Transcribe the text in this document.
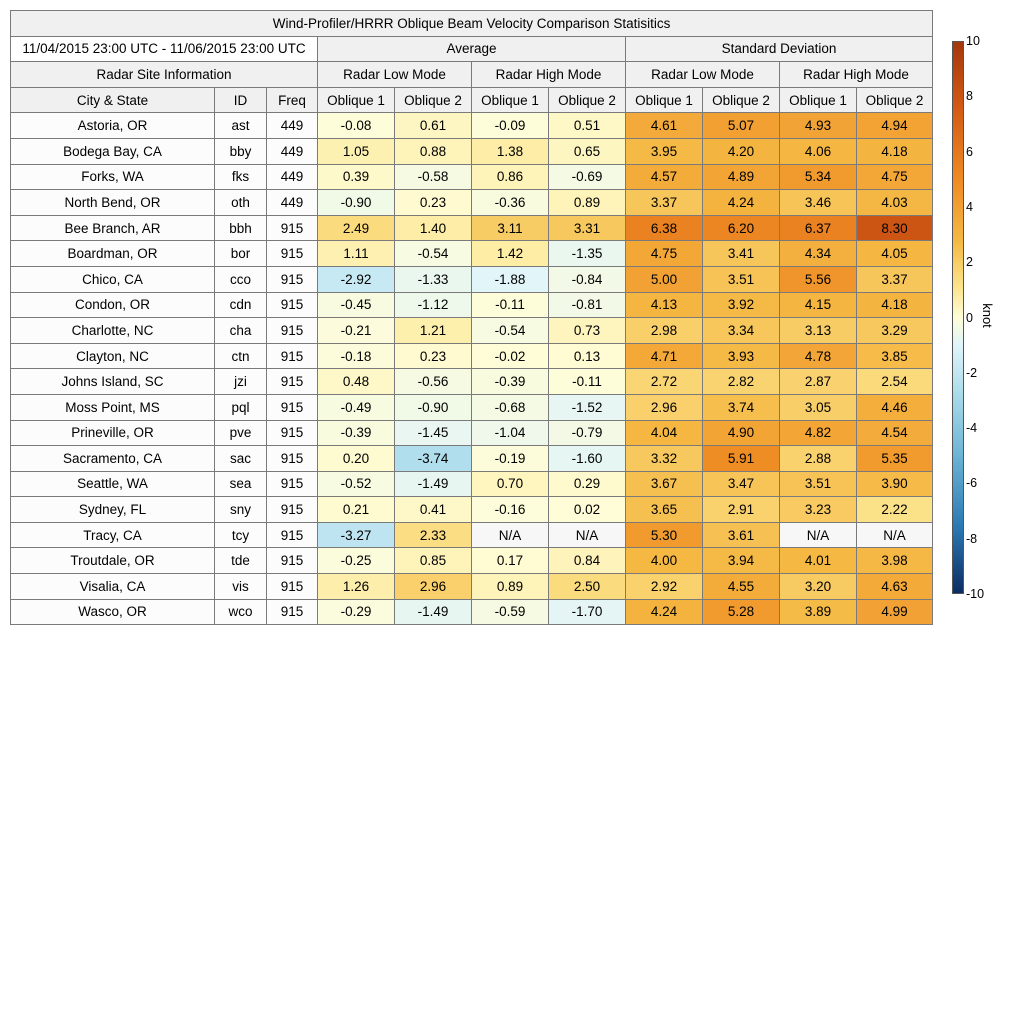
Wind-Profiler/HRRR Oblique Beam Velocity Comparison Statisitics										
11/04/2015 23:00 UTC - 11/06/2015 23:00 UTC			Average				Standard Deviation			
Radar Site Information			Radar Low Mode		Radar High Mode		Radar Low Mode		Radar High Mode	
City & State	ID	Freq	Oblique 1	Oblique 2	Oblique 1	Oblique 2	Oblique 1	Oblique 2	Oblique 1	Oblique 2
Astoria, OR	ast	449	-0.08	0.61	-0.09	0.51	4.61	5.07	4.93	4.94
Bodega Bay, CA	bby	449	1.05	0.88	1.38	0.65	3.95	4.20	4.06	4.18
Forks, WA	fks	449	0.39	-0.58	0.86	-0.69	4.57	4.89	5.34	4.75
North Bend, OR	oth	449	-0.90	0.23	-0.36	0.89	3.37	4.24	3.46	4.03
Bee Branch, AR	bbh	915	2.49	1.40	3.11	3.31	6.38	6.20	6.37	8.30
Boardman, OR	bor	915	1.11	-0.54	1.42	-1.35	4.75	3.41	4.34	4.05
Chico, CA	cco	915	-2.92	-1.33	-1.88	-0.84	5.00	3.51	5.56	3.37
Condon, OR	cdn	915	-0.45	-1.12	-0.11	-0.81	4.13	3.92	4.15	4.18
Charlotte, NC	cha	915	-0.21	1.21	-0.54	0.73	2.98	3.34	3.13	3.29
Clayton, NC	ctn	915	-0.18	0.23	-0.02	0.13	4.71	3.93	4.78	3.85
Johns Island, SC	jzi	915	0.48	-0.56	-0.39	-0.11	2.72	2.82	2.87	2.54
Moss Point, MS	pql	915	-0.49	-0.90	-0.68	-1.52	2.96	3.74	3.05	4.46
Prineville, OR	pve	915	-0.39	-1.45	-1.04	-0.79	4.04	4.90	4.82	4.54
Sacramento, CA	sac	915	0.20	-3.74	-0.19	-1.60	3.32	5.91	2.88	5.35
Seattle, WA	sea	915	-0.52	-1.49	0.70	0.29	3.67	3.47	3.51	3.90
Sydney, FL	sny	915	0.21	0.41	-0.16	0.02	3.65	2.91	3.23	2.22
Tracy, CA	tcy	915	-3.27	2.33	N/A	N/A	5.30	3.61	N/A	N/A
Troutdale, OR	tde	915	-0.25	0.85	0.17	0.84	4.00	3.94	4.01	3.98
Visalia, CA	vis	915	1.26	2.96	0.89	2.50	2.92	4.55	3.20	4.63
Wasco, OR	wco	915	-0.29	-1.49	-0.59	-1.70	4.24	5.28	3.89	4.99
10
8
6
4
2
0
-2
-4
-6
-8
-10
knot
